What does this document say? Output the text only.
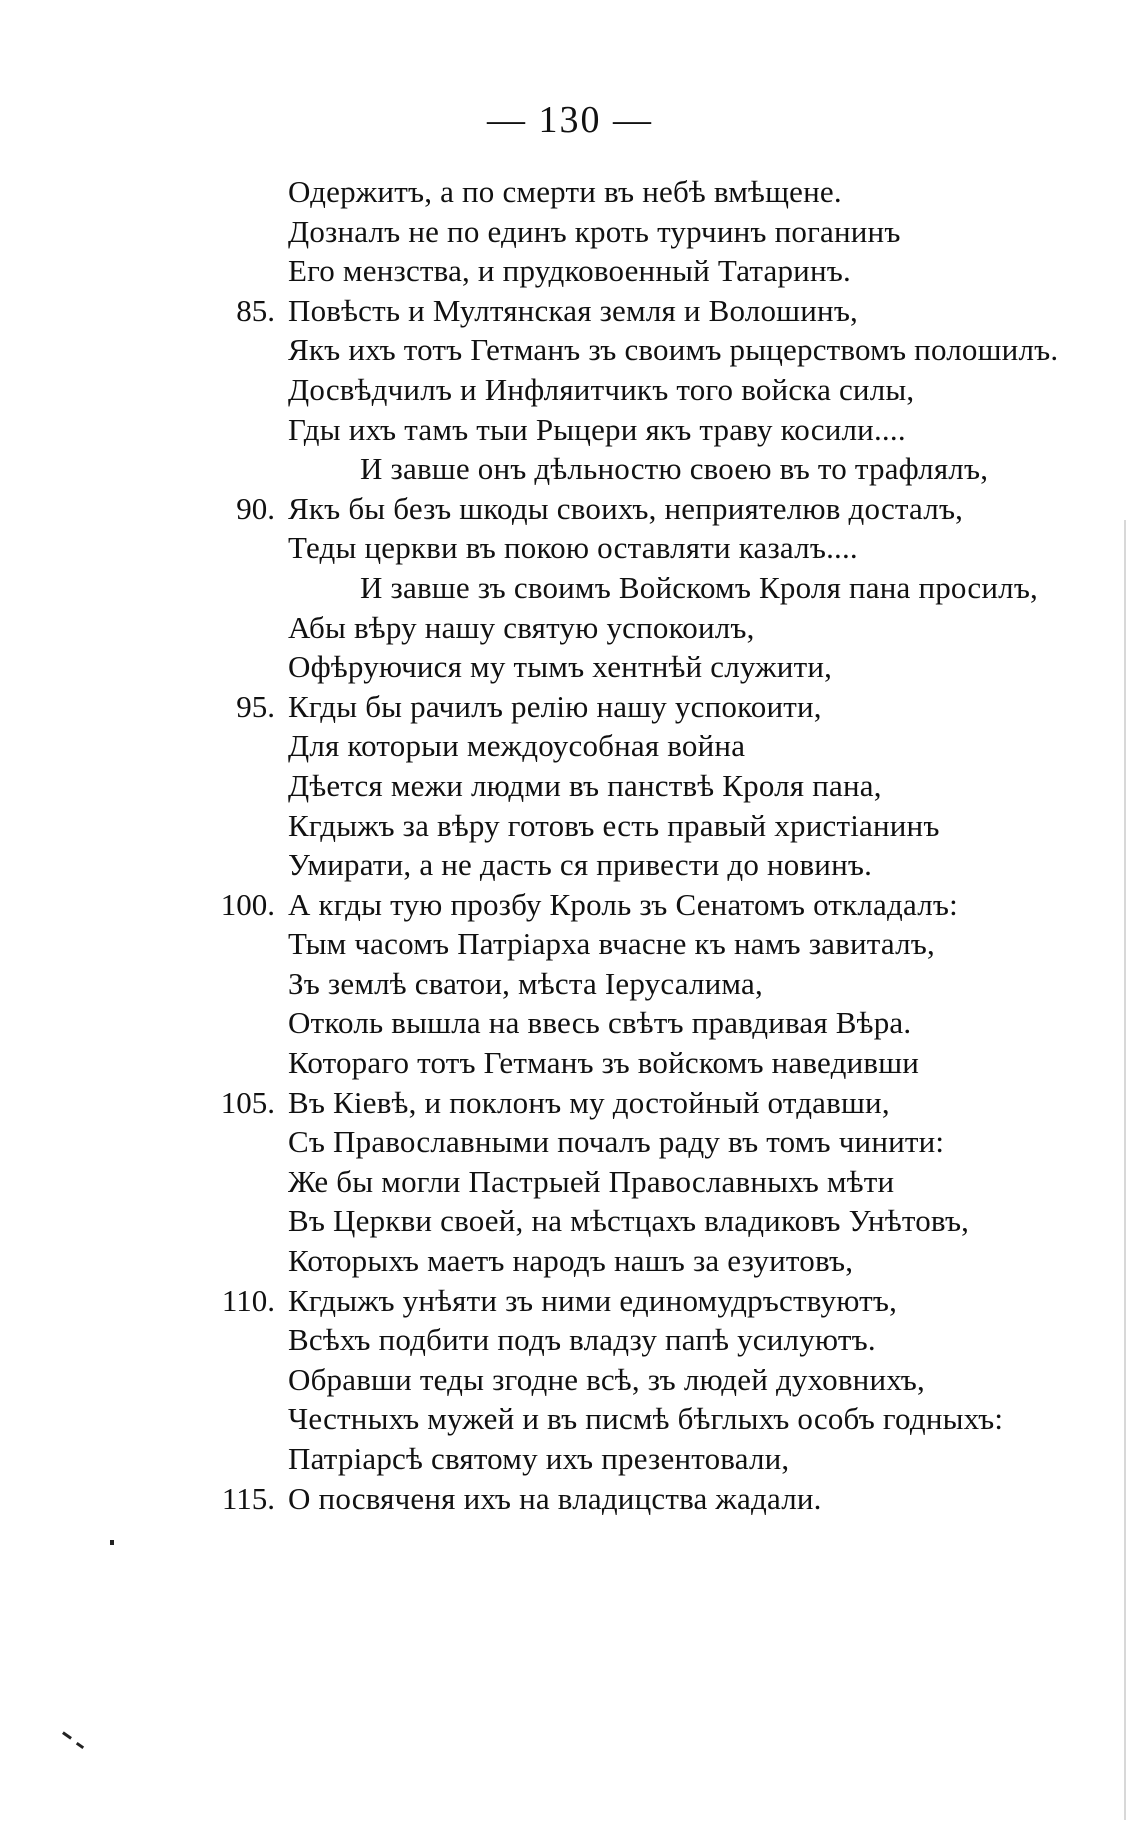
— 130 —
Одержитъ, а по смерти въ небѣ вмѣщене.
Дозналъ не по единъ кроть турчинъ поганинъ
Его мензства, и прудковоенный Татаринъ.
85. Повѣсть и Мултянская земля и Волошинъ,
Якъ ихъ тотъ Гетманъ зъ своимъ рыцерствомъ полошилъ.
Досвѣдчилъ и Инфляитчикъ того войска силы,
Гды ихъ тамъ тыи Рыцери якъ траву косили....
И завше онъ дѣльностю своею въ то трафлялъ,
90. Якъ бы безъ шкоды своихъ, неприятелюв досталъ,
Теды церкви въ покою оставляти казалъ....
И завше зъ своимъ Войскомъ Кроля пана просилъ,
Абы вѣру нашу святую успокоилъ,
Офѣруючися му тымъ хентнѣй служити,
95. Кгды бы рачилъ релію нашу успокоити,
Для которыи междоусобная война
Дѣется межи людми въ панствѣ Кроля пана,
Кгдыжъ за вѣру готовъ есть правый христіанинъ
Умирати, а не дасть ся привести до новинъ.
100. А кгды тую прозбу Кроль зъ Сенатомъ откладалъ:
Тым часомъ Патріарха вчасне къ намъ завиталъ,
Зъ землѣ сватои, мѣста Іерусалима,
Отколь вышла на ввесь свѣтъ правдивая Вѣра.
Котораго тотъ Гетманъ зъ войскомъ наведивши
105. Въ Кіевѣ, и поклонъ му достойный отдавши,
Съ Православными почалъ раду въ томъ чинити:
Же бы могли Пастрыей Православныхъ мѣти
Въ Церкви своей, на мѣстцахъ владиковъ Унѣтовъ,
Которыхъ маетъ народъ нашъ за езуитовъ,
110. Кгдыжъ унѣяти зъ ними единомудръствуютъ,
Всѣхъ подбити подъ владзу папѣ усилуютъ.
Обравши теды згодне всѣ, зъ людей духовнихъ,
Честныхъ мужей и въ писмѣ бѣглыхъ особъ годныхъ:
Патріарсѣ святому ихъ презентовали,
115. О посвяченя ихъ на владицства жадали.
